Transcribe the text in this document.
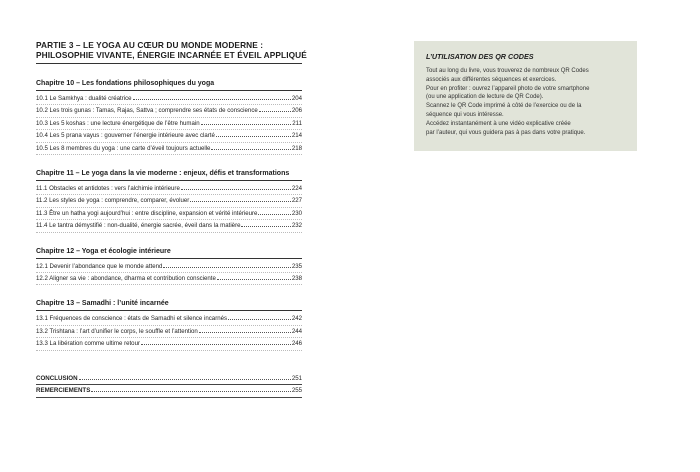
PARTIE 3 – LE YOGA AU CŒUR DU MONDE MODERNE :
PHILOSOPHIE VIVANTE, ÉNERGIE INCARNÉE ET ÉVEIL APPLIQUÉ
Chapitre 10 – Les fondations philosophiques du yoga
10.1 Le Samkhya : dualité créatrice	204
10.2 Les trois gunas : Tamas, Rajas, Sattva ; comprendre ses états de conscience	206
10.3 Les 5 koshas : une lecture énergétique de l’être humain	211
10.4 Les 5 prana vayus : gouverner l’énergie intérieure avec clarté	214
10.5 Les 8 membres du yoga : une carte d’éveil toujours actuelle	218
Chapitre 11 – Le yoga dans la vie moderne : enjeux, défis et transformations
11.1 Obstacles et antidotes : vers l’alchimie intérieure	224
11.2 Les styles de yoga : comprendre, comparer, évoluer	227
11.3 Être un hatha yogi aujourd’hui : entre discipline, expansion et vérité intérieure	230
11.4 Le tantra démystifié : non-dualité, énergie sacrée, éveil dans la matière	232
Chapitre 12 – Yoga et écologie intérieure
12.1 Devenir l’abondance que le monde attend	235
12.2 Aligner sa vie : abondance, dharma et contribution consciente	238
Chapitre 13 – Samadhi : l’unité incarnée
13.1 Fréquences de conscience : états de Samadhi et silence incarnés	242
13.2 Trishtana : l’art d’unifier le corps, le souffle et l’attention	244
13.3 La libération comme ultime retour	246
CONCLUSION	251
REMERCIEMENTS	255
L’UTILISATION DES QR CODES
Tout au long du livre, vous trouverez de nombreux QR Codes
associés aux différentes séquences et exercices.
Pour en profiter : ouvrez l’appareil photo de votre smartphone
(ou une application de lecture de QR Code).
Scannez le QR Code imprimé à côté de l’exercice ou de la
séquence qui vous intéresse.
Accédez instantanément à une vidéo explicative créée
par l’auteur, qui vous guidera pas à pas dans votre pratique.
